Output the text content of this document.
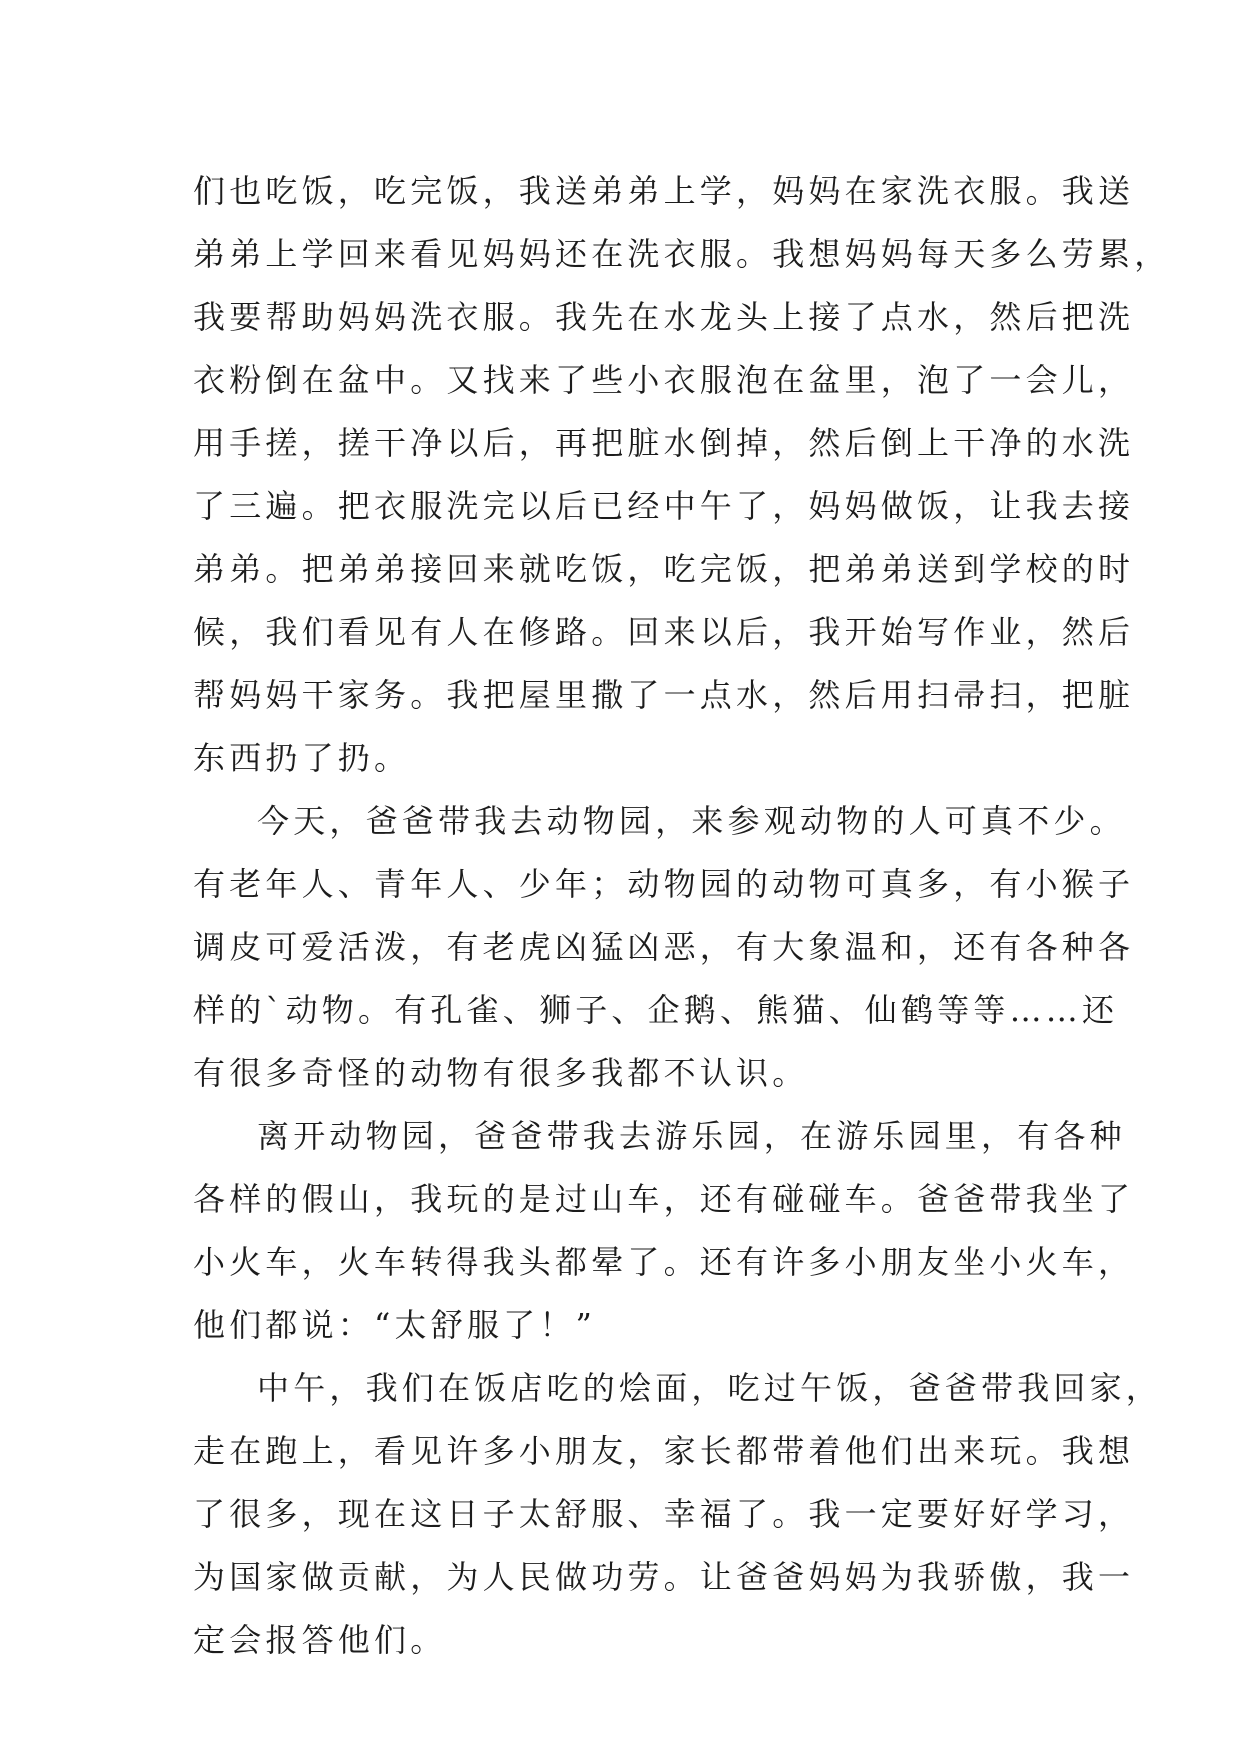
们也吃饭，吃完饭，我送弟弟上学，妈妈在家洗衣服。我送
弟弟上学回来看见妈妈还在洗衣服。我想妈妈每天多么劳累，
我要帮助妈妈洗衣服。我先在水龙头上接了点水，然后把洗
衣粉倒在盆中。又找来了些小衣服泡在盆里，泡了一会儿，
用手搓，搓干净以后，再把脏水倒掉，然后倒上干净的水洗
了三遍。把衣服洗完以后已经中午了，妈妈做饭，让我去接
弟弟。把弟弟接回来就吃饭，吃完饭，把弟弟送到学校的时
候，我们看见有人在修路。回来以后，我开始写作业，然后
帮妈妈干家务。我把屋里撒了一点水，然后用扫帚扫，把脏
东西扔了扔。
今天，爸爸带我去动物园，来参观动物的人可真不少。
有老年人、青年人、少年；动物园的动物可真多，有小猴子
调皮可爱活泼，有老虎凶猛凶恶，有大象温和，还有各种各
样的`动物。有孔雀、狮子、企鹅、熊猫、仙鹤等等……还
有很多奇怪的动物有很多我都不认识。
离开动物园，爸爸带我去游乐园，在游乐园里，有各种
各样的假山，我玩的是过山车，还有碰碰车。爸爸带我坐了
小火车，火车转得我头都晕了。还有许多小朋友坐小火车，
他们都说：“太舒服了！”
中午，我们在饭店吃的烩面，吃过午饭，爸爸带我回家，
走在跑上，看见许多小朋友，家长都带着他们出来玩。我想
了很多，现在这日子太舒服、幸福了。我一定要好好学习，
为国家做贡献，为人民做功劳。让爸爸妈妈为我骄傲，我一
定会报答他们。
